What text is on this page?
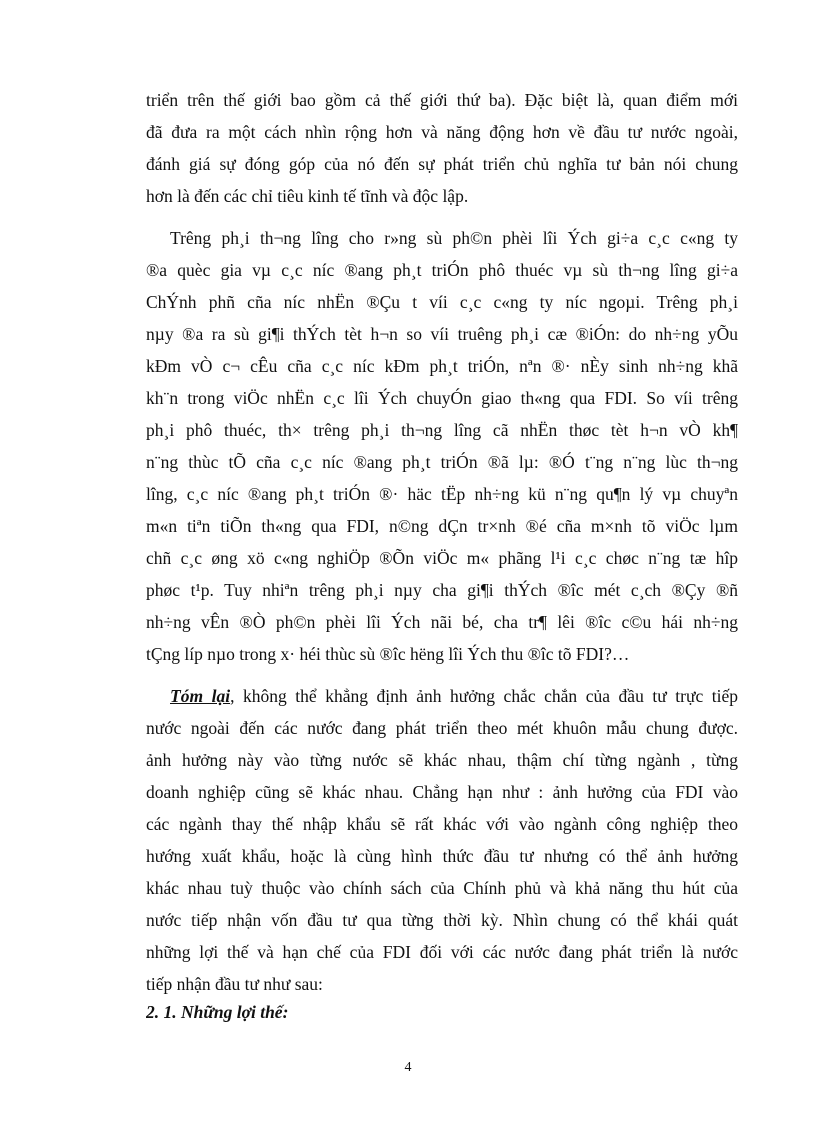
triển trên thế giới bao gồm cả thế giới thứ ba). Đặc biệt là, quan điểm mới
đã đưa ra một cách nhìn rộng hơn và năng động hơn về đầu tư nước ngoài,
đánh giá sự đóng góp của nó đến sự phát triển chủ nghĩa tư bản nói chung
hơn là đến các chỉ tiêu kinh tế tĩnh và độc lập.
Trêng ph¸i th¬ng lîng cho r»ng sù ph©n phèi lîi Ých gi÷a c¸c c«ng ty
®a quèc gia vµ c¸c níc ®ang ph¸t triÓn phô thuéc vµ sù th¬ng lîng gi÷a
ChÝnh phñ cña níc nhËn ®Çu t víi c¸c c«ng ty níc ngoµi. Trêng ph¸i
nµy ®a ra sù gi¶i thÝch tèt h¬n so víi truêng ph¸i cæ ®iÓn: do nh÷ng yÕu
kÐm vÒ c¬ cÊu cña c¸c níc kÐm ph¸t triÓn, nªn ®· nÈy sinh nh÷ng khã
kh¨n trong viÖc nhËn c¸c lîi Ých chuyÓn giao th«ng qua FDI. So víi trêng
ph¸i phô thuéc, th× trêng ph¸i th¬ng lîng cã nhËn thøc tèt h¬n vÒ kh¶
n¨ng thùc tÕ cña c¸c níc ®ang ph¸t triÓn ®ã lµ: ®Ó t¨ng n¨ng lùc th¬ng
lîng, c¸c níc ®ang ph¸t triÓn ®· häc tËp nh÷ng kü n¨ng qu¶n lý vµ chuyªn
m«n tiªn tiÕn th«ng qua FDI, n©ng dÇn tr×nh ®é cña m×nh tõ viÖc lµm
chñ c¸c øng xö c«ng nghiÖp ®Õn viÖc m« phãng l¹i c¸c chøc n¨ng tæ hîp
phøc t¹p. Tuy nhiªn trêng ph¸i nµy cha gi¶i thÝch ®îc mét c¸ch ®Çy ®ñ
nh÷ng vÊn ®Ò ph©n phèi lîi Ých nãi bé, cha tr¶ lêi ®îc c©u hái nh÷ng
tÇng líp nµo trong x· héi thùc sù ®îc hëng lîi Ých thu ®îc tõ FDI?…
Tóm lại, không thể khẳng định ảnh hưởng chắc chắn của đầu tư trực tiếp
nước ngoài đến các nước đang phát triển theo mét khuôn mẫu chung được.
ảnh hưởng này vào từng nước sẽ khác nhau, thậm chí từng ngành , từng
doanh nghiệp cũng sẽ khác nhau. Chẳng hạn như : ảnh hưởng của FDI vào
các ngành thay thế nhập khẩu sẽ rất khác với vào ngành công nghiệp theo
hướng xuất khẩu, hoặc là cùng hình thức đầu tư nhưng có thể ảnh hưởng
khác nhau tuỳ thuộc vào chính sách của Chính phủ và khả năng thu hút của
nước tiếp nhận vốn đầu tư qua từng thời kỳ. Nhìn chung có thể khái quát
những lợi thế và hạn chế của FDI đối với các nước đang phát triển là nước
tiếp nhận đầu tư như sau:
2. 1. Những lợi thế:
4
